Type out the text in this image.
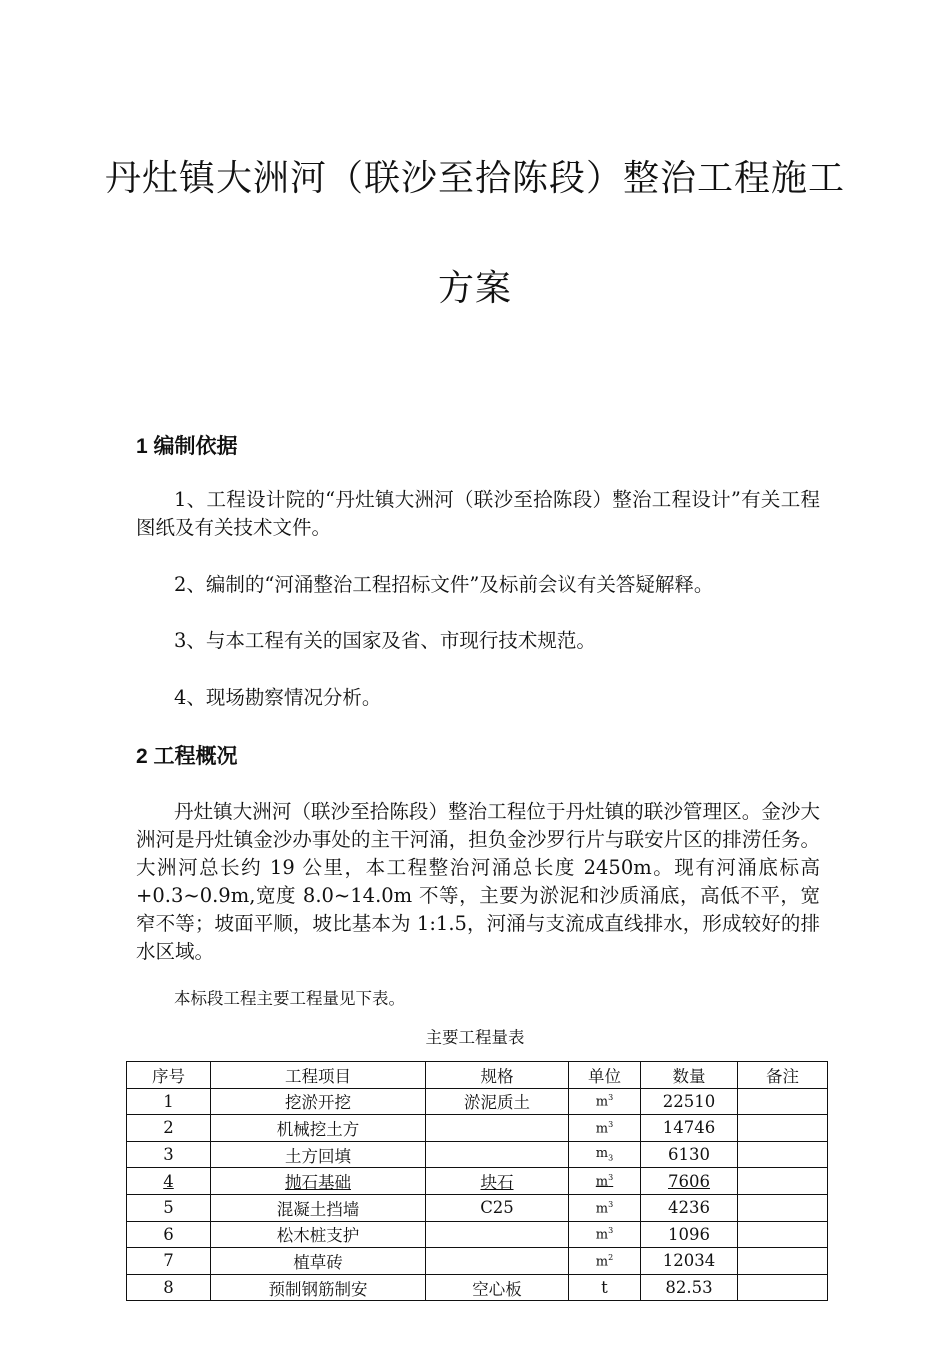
丹灶镇大洲河（联沙至拾陈段）整治工程施工
方案
1 编制依据
1、工程设计院的“丹灶镇大洲河（联沙至拾陈段）整治工程设计”有关工程图纸及有关技术文件。
2、编制的“河涌整治工程招标文件”及标前会议有关答疑解释。
3、与本工程有关的国家及省、市现行技术规范。
4、现场勘察情况分析。
2 工程概况
丹灶镇大洲河（联沙至拾陈段）整治工程位于丹灶镇的联沙管理区。金沙大洲河是丹灶镇金沙办事处的主干河涌，担负金沙罗行片与联安片区的排涝任务。大洲河总长约 19 公里，本工程整治河涌总长度 2450m。现有河涌底标高+0.3~0.9m,宽度 8.0~14.0m 不等，主要为淤泥和沙质涌底，高低不平，宽窄不等；坡面平顺，坡比基本为 1:1.5，河涌与支流成直线排水，形成较好的排水区域。
本标段工程主要工程量见下表。
主要工程量表
序号	工程项目	规格	单位	数量	备注
1	挖淤开挖	淤泥质土	$m^3$	22510	
2	机械挖土方		$m^3$	14746	
3	土方回填		$m_3$	6130	
4	抛石基础	块石	$m^3$	7606	
5	混凝土挡墙	C25	$m^3$	4236	
6	松木桩支护		$m^3$	1096	
7	植草砖		$m^2$	12034	
8	预制钢筋制安	空心板	t	82.53	
